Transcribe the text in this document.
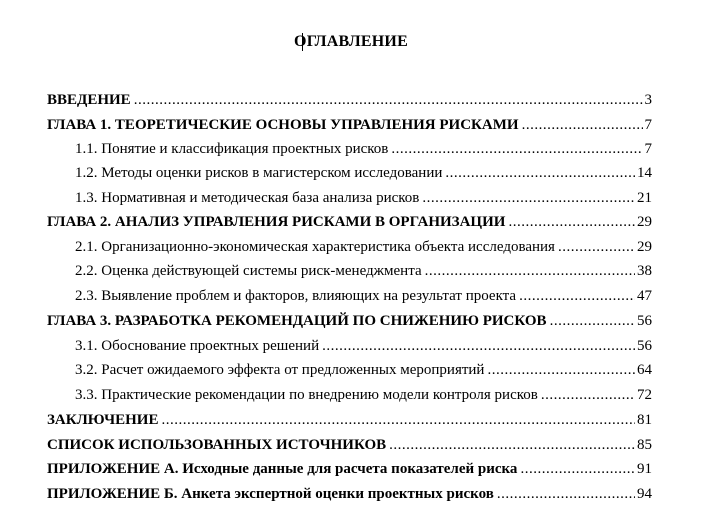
ОГЛАВЛЕНИЕ
ВВЕДЕНИЕ .....	3
ГЛАВА 1. ТЕОРЕТИЧЕСКИЕ ОСНОВЫ УПРАВЛЕНИЯ РИСКАМИ .....	7
1.1. Понятие и классификация проектных рисков .....	7
1.2. Методы оценки рисков в магистерском исследовании .....	14
1.3. Нормативная и методическая база анализа рисков .....	21
ГЛАВА 2. АНАЛИЗ УПРАВЛЕНИЯ РИСКАМИ В ОРГАНИЗАЦИИ .....	29
2.1. Организационно-экономическая характеристика объекта исследования .....	29
2.2. Оценка действующей системы риск-менеджмента .....	38
2.3. Выявление проблем и факторов, влияющих на результат проекта .....	47
ГЛАВА 3. РАЗРАБОТКА РЕКОМЕНДАЦИЙ ПО СНИЖЕНИЮ РИСКОВ .....	56
3.1. Обоснование проектных решений .....	56
3.2. Расчет ожидаемого эффекта от предложенных мероприятий .....	64
3.3. Практические рекомендации по внедрению модели контроля рисков .....	72
ЗАКЛЮЧЕНИЕ .....	81
СПИСОК ИСПОЛЬЗОВАННЫХ ИСТОЧНИКОВ .....	85
ПРИЛОЖЕНИЕ А. Исходные данные для расчета показателей риска .....	91
ПРИЛОЖЕНИЕ Б. Анкета экспертной оценки проектных рисков .....	94
